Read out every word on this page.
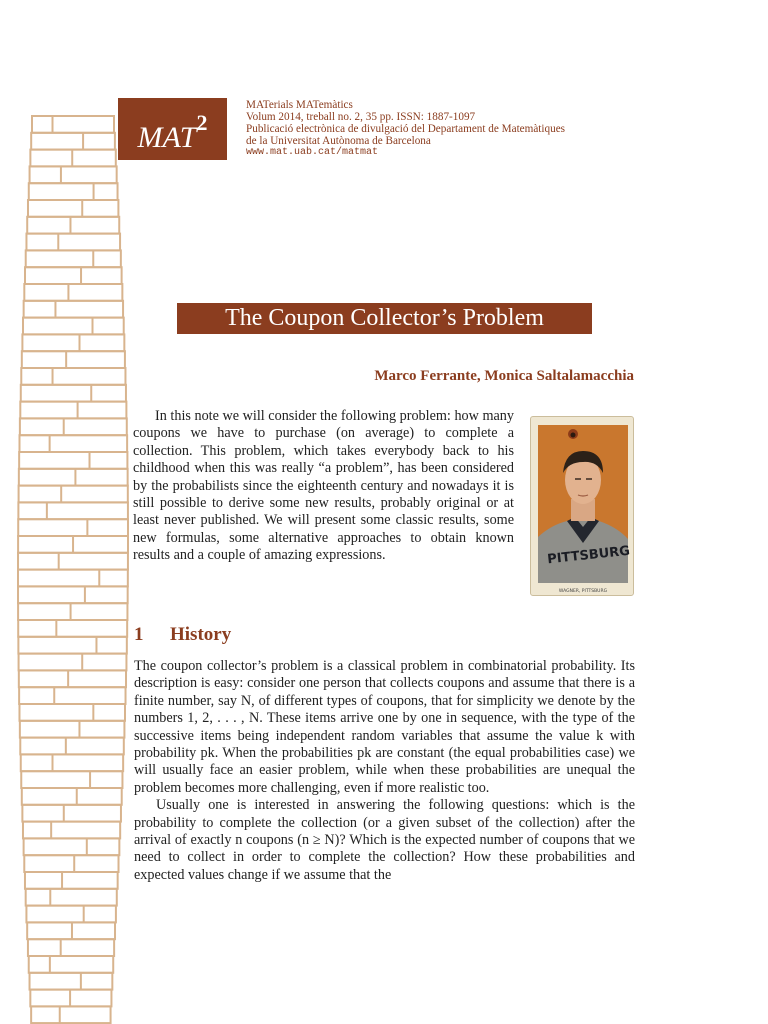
MAT$^2$
MATerials MATemàtics
Volum 2014, treball no. 2, 35 pp. ISSN: 1887-1097
Publicació electrònica de divulgació del Departament de Matemàtiques
de la Universitat Autònoma de Barcelona
www.mat.uab.cat/matmat
The Coupon Collector’s Problem
Marco Ferrante, Monica Saltalamacchia

In this note we will consider the following problem: how many coupons we have to purchase (on average) to complete a collection. This problem, which takes everybody back to his childhood when this was really “a problem”, has been considered by the probabilists since the eighteenth century and nowadays it is still possible to derive some new results, probably original or at least never published. We will present some classic results, some new formulas, some alternative approaches to obtain known results and a couple of amazing expressions.	PITTSBURG
WAGNER, PITTSBURG
1 History

The coupon collector’s problem is a classical problem in combinatorial probability. Its description is easy: consider one person that collects coupons and assume that there is a finite number, say N, of different types of coupons, that for simplicity we denote by the numbers 1, 2, . . . , N. These items arrive one by one in sequence, with the type of the successive items being independent random variables that assume the value k with probability pk. When the probabilities pk are constant (the equal probabilities case) we will usually face an easier problem, while when these probabilities are unequal the problem becomes more challenging, even if more realistic too.

Usually one is interested in answering the following questions: which is the probability to complete the collection (or a given subset of the collection) after the arrival of exactly n coupons (n ≥ N)? Which is the expected number of coupons that we need to collect in order to complete the collection? How these probabilities and expected values change if we assume that the
